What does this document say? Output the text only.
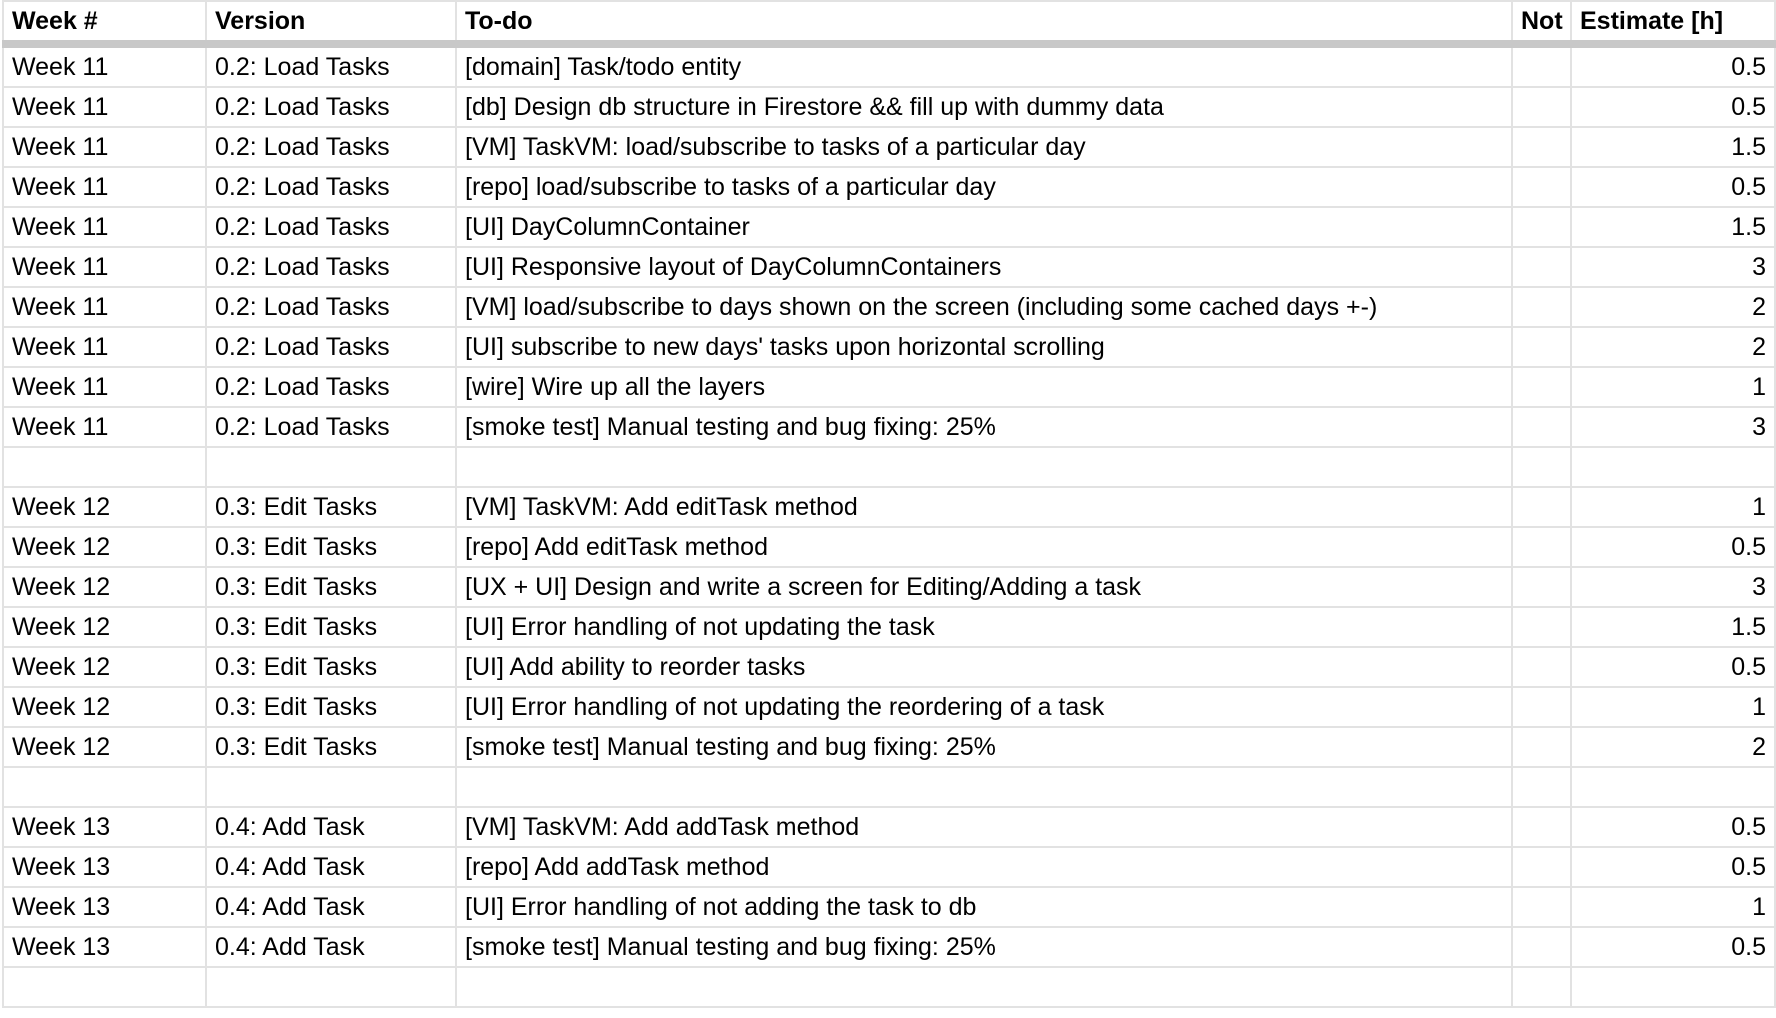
Week #	Version	To-do	Not	Estimate [h]
Week 11	0.2: Load Tasks	[domain] Task/todo entity		0.5
Week 11	0.2: Load Tasks	[db] Design db structure in Firestore && fill up with dummy data		0.5
Week 11	0.2: Load Tasks	[VM] TaskVM: load/subscribe to tasks of a particular day		1.5
Week 11	0.2: Load Tasks	[repo] load/subscribe to tasks of a particular day		0.5
Week 11	0.2: Load Tasks	[UI] DayColumnContainer		1.5
Week 11	0.2: Load Tasks	[UI] Responsive layout of DayColumnContainers		3
Week 11	0.2: Load Tasks	[VM] load/subscribe to days shown on the screen (including some cached days +-)		2
Week 11	0.2: Load Tasks	[UI] subscribe to new days' tasks upon horizontal scrolling		2
Week 11	0.2: Load Tasks	[wire] Wire up all the layers		1
Week 11	0.2: Load Tasks	[smoke test] Manual testing and bug fixing: 25%		3

Week 12	0.3: Edit Tasks	[VM] TaskVM: Add editTask method		1
Week 12	0.3: Edit Tasks	[repo] Add editTask method		0.5
Week 12	0.3: Edit Tasks	[UX + UI] Design and write a screen for Editing/Adding a task		3
Week 12	0.3: Edit Tasks	[UI] Error handling of not updating the task		1.5
Week 12	0.3: Edit Tasks	[UI] Add ability to reorder tasks		0.5
Week 12	0.3: Edit Tasks	[UI] Error handling of not updating the reordering of a task		1
Week 12	0.3: Edit Tasks	[smoke test] Manual testing and bug fixing: 25%		2

Week 13	0.4: Add Task	[VM] TaskVM: Add addTask method		0.5
Week 13	0.4: Add Task	[repo] Add addTask method		0.5
Week 13	0.4: Add Task	[UI] Error handling of not adding the task to db		1
Week 13	0.4: Add Task	[smoke test] Manual testing and bug fixing: 25%		0.5
